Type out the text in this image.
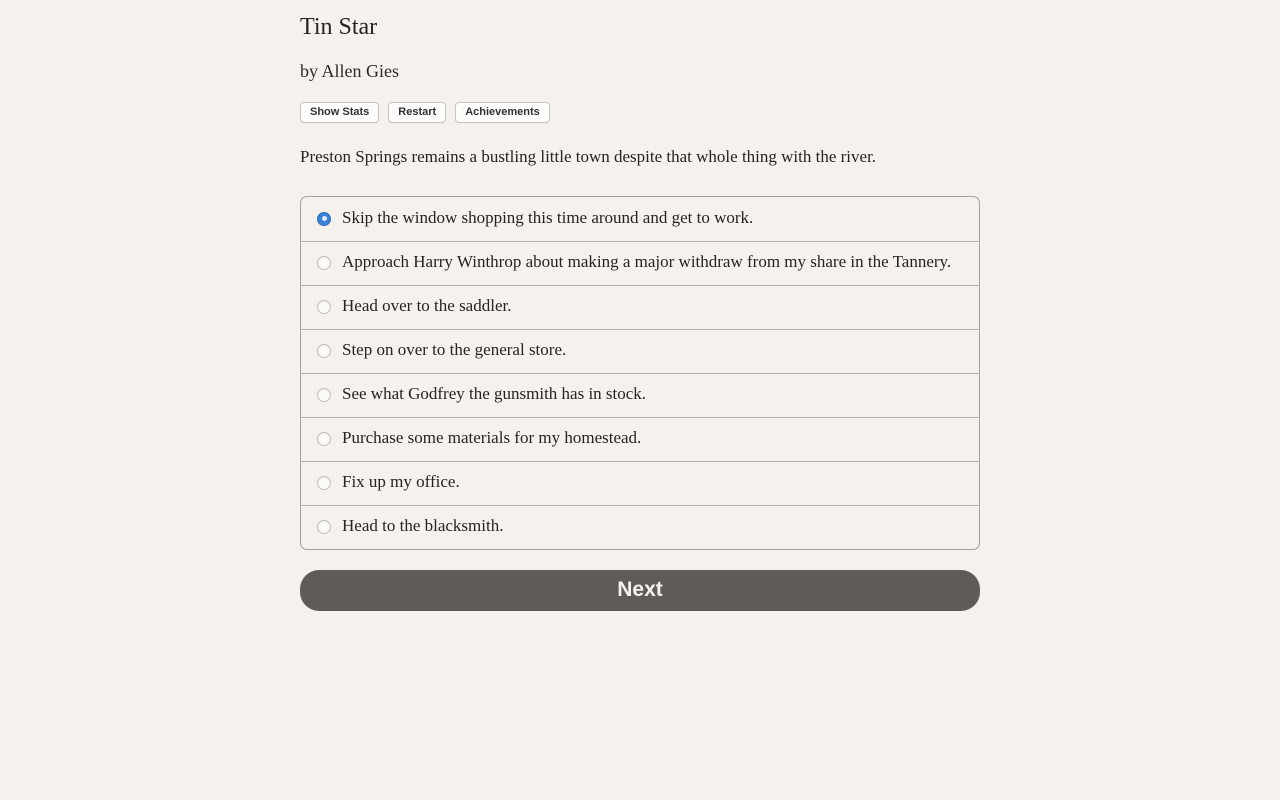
Tin Star
by Allen Gies
Show Stats	Restart	Achievements

Preston Springs remains a bustling little town despite that whole thing with the river.

Skip the window shopping this time around and get to work.
Approach Harry Winthrop about making a major withdraw from my share in the Tannery.
Head over to the saddler.
Step on over to the general store.
See what Godfrey the gunsmith has in stock.
Purchase some materials for my homestead.
Fix up my office.
Head to the blacksmith.
Next
